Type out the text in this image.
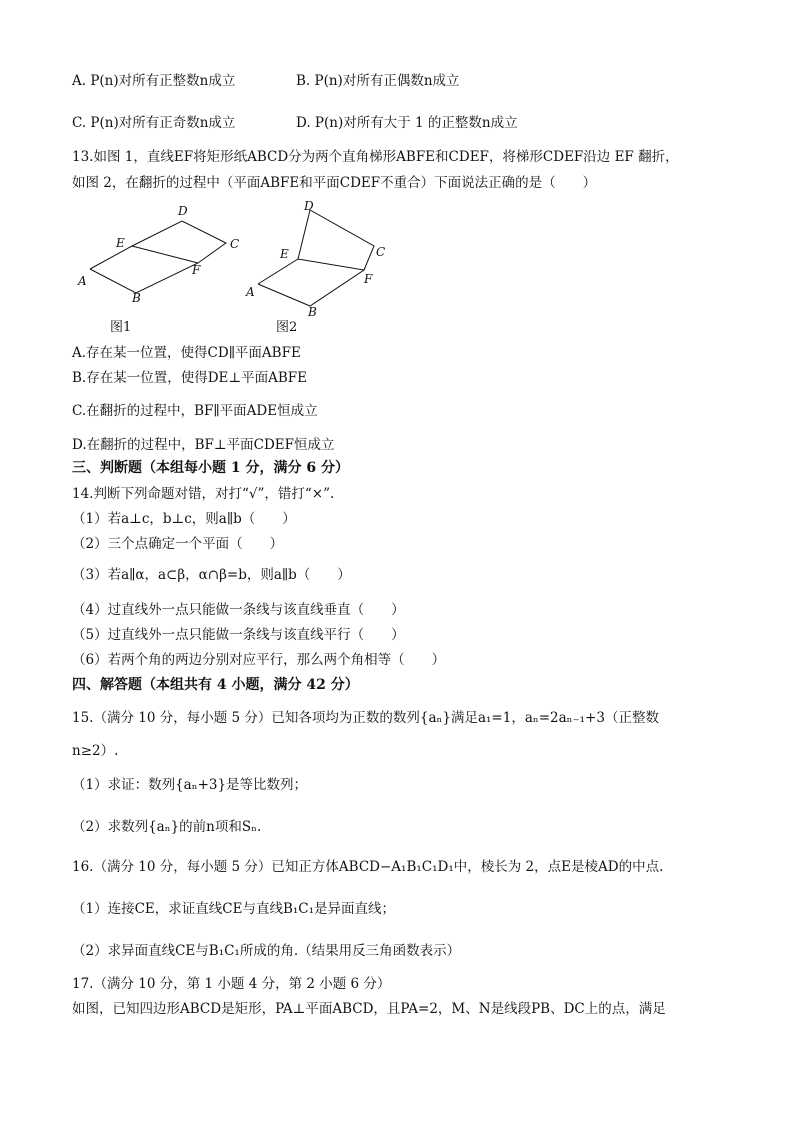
A. P(n)对所有正整数n成立	B. P(n)对所有正偶数n成立
C. P(n)对所有正奇数n成立	D. P(n)对所有大于 1 的正整数n成立
13.如图 1，直线EF将矩形纸ABCD分为两个直角梯形ABFE和CDEF，将梯形CDEF沿边 EF 翻折，
如图 2，在翻折的过程中（平面ABFE和平面CDEF不重合）下面说法正确的是（　　）
A
B
C
D
E
F
图1
A
B
C
D
E
F
图2
A.存在某一位置，使得CD∥平面ABFE
B.存在某一位置，使得DE⊥平面ABFE
C.在翻折的过程中，BF∥平面ADE恒成立
D.在翻折的过程中，BF⊥平面CDEF恒成立
三、判断题（本组每小题 1 分，满分 6 分）
14.判断下列命题对错，对打“√”，错打“×”.
（1）若a⊥c，b⊥c，则a∥b（　　）
（2）三个点确定一个平面（　　）
（3）若a∥α，a⊂β，α∩β=b，则a∥b（　　）
（4）过直线外一点只能做一条线与该直线垂直（　　）
（5）过直线外一点只能做一条线与该直线平行（　　）
（6）若两个角的两边分别对应平行，那么两个角相等（　　）
四、解答题（本组共有 4 小题，满分 42 分）
15.（满分 10 分，每小题 5 分）已知各项均为正数的数列{aₙ}满足a₁=1，aₙ=2aₙ₋₁+3（正整数
n≥2）.
（1）求证：数列{aₙ+3}是等比数列；
（2）求数列{aₙ}的前n项和Sₙ.
16.（满分 10 分，每小题 5 分）已知正方体ABCD−A₁B₁C₁D₁中，棱长为 2，点E是棱AD的中点.
（1）连接CE，求证直线CE与直线B₁C₁是异面直线；
（2）求异面直线CE与B₁C₁所成的角.（结果用反三角函数表示）
17.（满分 10 分，第 1 小题 4 分，第 2 小题 6 分）
如图，已知四边形ABCD是矩形，PA⊥平面ABCD，且PA=2，M、N是线段PB、DC上的点，满足
